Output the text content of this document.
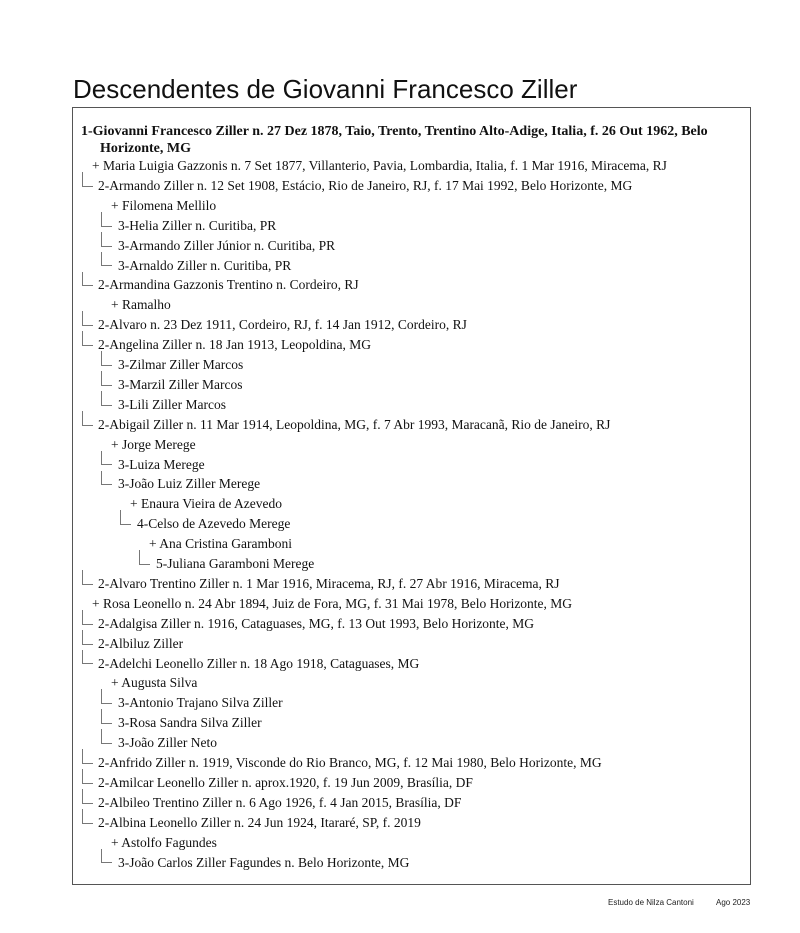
Descendentes de Giovanni Francesco Ziller
1-Giovanni Francesco Ziller n. 27 Dez 1878, Taio, Trento, Trentino Alto-Adige, Italia, f. 26 Out 1962, Belo Horizonte, MG
+ Maria Luigia Gazzonis n. 7 Set 1877, Villanterio, Pavia, Lombardia, Italia, f. 1 Mar 1916, Miracema, RJ
2-Armando Ziller n. 12 Set 1908, Estácio, Rio de Janeiro, RJ, f. 17 Mai 1992, Belo Horizonte, MG
+ Filomena Mellilo
3-Helia Ziller n. Curitiba, PR
3-Armando Ziller Júnior n. Curitiba, PR
3-Arnaldo Ziller n. Curitiba, PR
2-Armandina Gazzonis Trentino n. Cordeiro, RJ
+ Ramalho
2-Alvaro n. 23 Dez 1911, Cordeiro, RJ, f. 14 Jan 1912, Cordeiro, RJ
2-Angelina Ziller n. 18 Jan 1913, Leopoldina, MG
3-Zilmar Ziller Marcos
3-Marzil Ziller Marcos
3-Lili Ziller Marcos
2-Abigail Ziller n. 11 Mar 1914, Leopoldina, MG, f. 7 Abr 1993, Maracanã, Rio de Janeiro, RJ
+ Jorge Merege
3-Luiza Merege
3-João Luiz Ziller Merege
+ Enaura Vieira de Azevedo
4-Celso de Azevedo Merege
+ Ana Cristina Garamboni
5-Juliana Garamboni Merege
2-Alvaro Trentino Ziller n. 1 Mar 1916, Miracema, RJ, f. 27 Abr 1916, Miracema, RJ
+ Rosa Leonello n. 24 Abr 1894, Juiz de Fora, MG, f. 31 Mai 1978, Belo Horizonte, MG
2-Adalgisa Ziller n. 1916, Cataguases, MG, f. 13 Out 1993, Belo Horizonte, MG
2-Albiluz Ziller
2-Adelchi Leonello Ziller n. 18 Ago 1918, Cataguases, MG
+ Augusta Silva
3-Antonio Trajano Silva Ziller
3-Rosa Sandra Silva Ziller
3-João Ziller Neto
2-Anfrido Ziller n. 1919, Visconde do Rio Branco, MG, f. 12 Mai 1980, Belo Horizonte, MG
2-Amilcar Leonello Ziller n. aprox.1920, f. 19 Jun 2009, Brasília, DF
2-Albileo Trentino Ziller n. 6 Ago 1926, f. 4 Jan 2015, Brasília, DF
2-Albina Leonello Ziller n. 24 Jun 1924, Itararé, SP, f. 2019
+ Astolfo Fagundes
3-João Carlos Ziller Fagundes n. Belo Horizonte, MG
Estudo de Nilza Cantoni	Ago 2023
